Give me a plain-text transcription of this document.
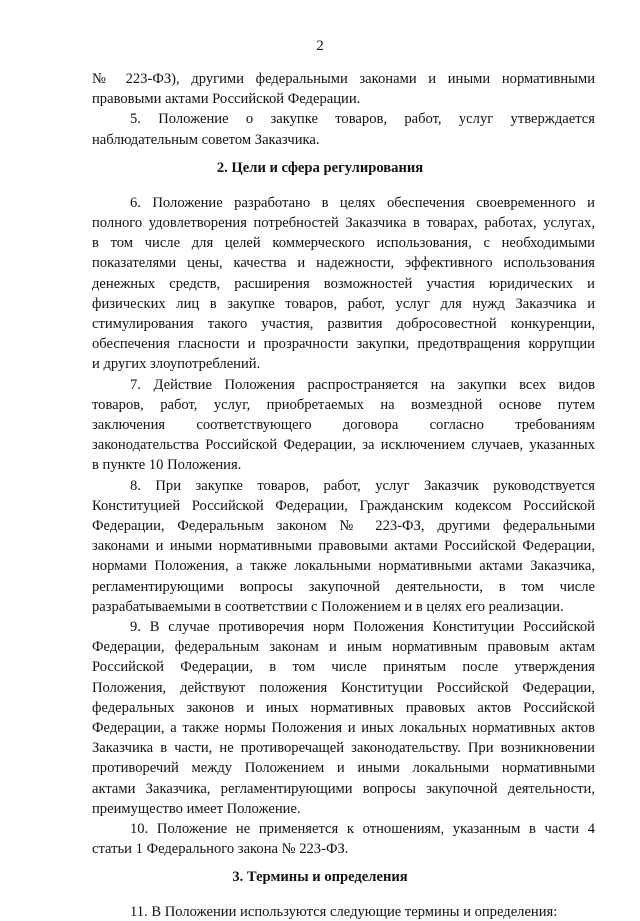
2
№ 223-ФЗ), другими федеральными законами и иными нормативными
правовыми актами Российской Федерации.
5. Положение о закупке товаров, работ, услуг утверждается
наблюдательным советом Заказчика.
2. Цели и сфера регулирования
6. Положение разработано в целях обеспечения своевременного и
полного удовлетворения потребностей Заказчика в товарах, работах, услугах,
в том числе для целей коммерческого использования, с необходимыми
показателями цены, качества и надежности, эффективного использования
денежных средств, расширения возможностей участия юридических и
физических лиц в закупке товаров, работ, услуг для нужд Заказчика и
стимулирования такого участия, развития добросовестной конкуренции,
обеспечения гласности и прозрачности закупки, предотвращения коррупции
и других злоупотреблений.
7. Действие Положения распространяется на закупки всех видов
товаров, работ, услуг, приобретаемых на возмездной основе путем
заключения соответствующего договора согласно требованиям
законодательства Российской Федерации, за исключением случаев, указанных
в пункте 10 Положения.
8. При закупке товаров, работ, услуг Заказчик руководствуется
Конституцией Российской Федерации, Гражданским кодексом Российской
Федерации, Федеральным законом № 223-ФЗ, другими федеральными
законами и иными нормативными правовыми актами Российской Федерации,
нормами Положения, а также локальными нормативными актами Заказчика,
регламентирующими вопросы закупочной деятельности, в том числе
разрабатываемыми в соответствии с Положением и в целях его реализации.
9. В случае противоречия норм Положения Конституции Российской
Федерации, федеральным законам и иным нормативным правовым актам
Российской Федерации, в том числе принятым после утверждения
Положения, действуют положения Конституции Российской Федерации,
федеральных законов и иных нормативных правовых актов Российской
Федерации, а также нормы Положения и иных локальных нормативных актов
Заказчика в части, не противоречащей законодательству. При возникновении
противоречий между Положением и иными локальными нормативными
актами Заказчика, регламентирующими вопросы закупочной деятельности,
преимущество имеет Положение.
10. Положение не применяется к отношениям, указанным в части 4
статьи 1 Федерального закона № 223-ФЗ.
3. Термины и определения
11. В Положении используются следующие термины и определения:
